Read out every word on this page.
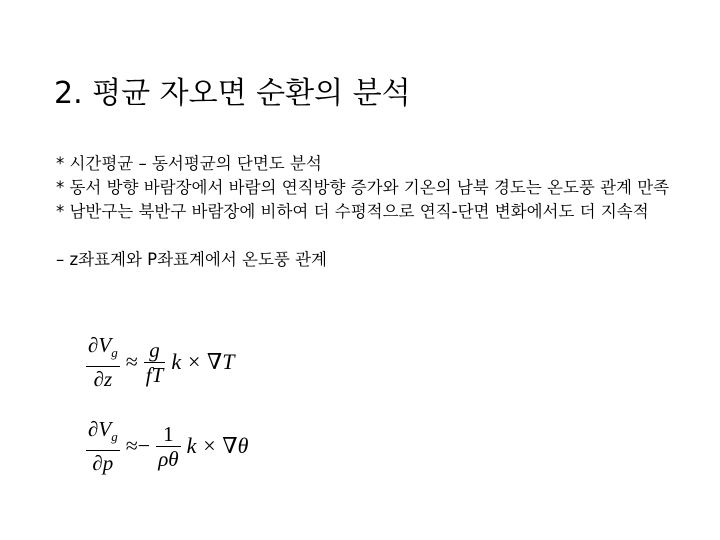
2. 평균 자오면 순환의 분석

* 시간평균 – 동서평균의 단면도 분석

* 동서 방향 바람장에서 바람의 연직방향 증가와 기온의 남북 경도는 온도풍 관계 만족

* 남반구는 북반구 바람장에 비하여 더 수평적으로 연직-단면 변화에서도 더 지속적

– z좌표계와 P좌표계에서 온도풍 관계

$\frac{\partial V_g}{\partial z} \approx \frac{g}{fT}$ k × ∇T
$\frac{\partial V_g}{\partial p} \approx- \frac{1}{\rho\theta}$ k × ∇θ
